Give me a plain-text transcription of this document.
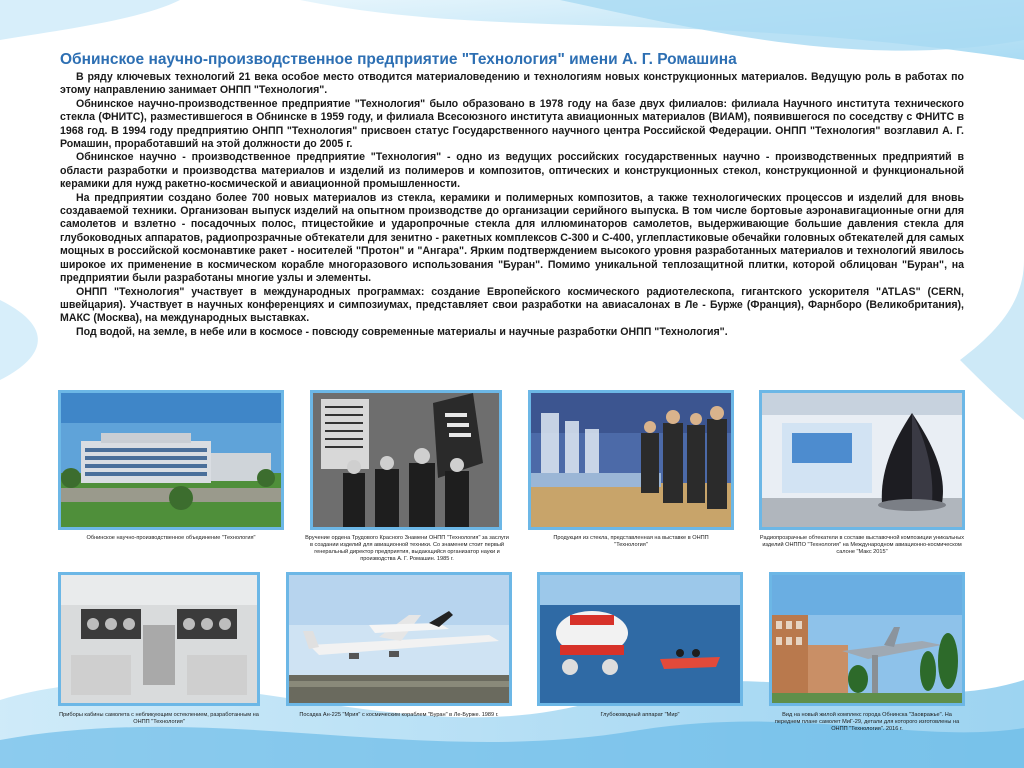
Обнинское научно-производственное предприятие "Технология" имени А. Г. Ромашина

В ряду ключевых технологий 21 века особое место отводится материаловедению и технологиям новых конструкционных материалов. Ведущую роль в работах по этому направлению занимает ОНПП "Технология".

Обнинское научно-производственное предприятие "Технология" было образовано в 1978 году на базе двух филиалов: филиала Научного института технического стекла (ФНИТС), разместившегося в Обнинске в 1959 году, и филиала Всесоюзного института авиационных материалов (ВИАМ), появившегося по соседству с ФНИТС в 1968 год. В 1994 году предприятию ОНПП "Технология" присвоен статус Государственного научного центра Российской Федерации. ОНПП "Технология" возглавил А. Г. Ромашин, проработавший на этой должности до 2005 г.

Обнинское научно - производственное предприятие "Технология" - одно из ведущих российских государственных научно - производственных предприятий в области разработки и производства материалов и изделий из полимеров и композитов, оптических и конструкционных стекол, конструкционной и функциональной керамики для нужд ракетно-космической и авиационной промышленности.

На предприятии создано более 700 новых материалов из стекла, керамики и полимерных композитов, а также технологических процессов и изделий для вновь создаваемой техники. Организован выпуск изделий на опытном производстве до организации серийного выпуска. В том числе бортовые аэронавигационные огни для самолетов и взлетно - посадочных полос, птицестойкие и ударопрочные стекла для иллюминаторов самолетов, выдерживающие большие давления стекла для глубоководных аппаратов, радиопрозрачные обтекатели для зенитно - ракетных комплексов С-300 и С-400, углепластиковые обечайки головных обтекателей для самых мощных в российской космонавтике ракет - носителей "Протон" и "Ангара". Ярким подтверждением высокого уровня разработанных материалов и технологий явилось широкое их применение в космическом корабле многоразового использования "Буран". Помимо уникальной теплозащитной плитки, которой облицован "Буран", на предприятии были разработаны многие узлы и элементы.

ОНПП "Технология" участвует в международных программах: создание Европейского космического радиотелескопа, гигантского ускорителя "ATLAS" (CERN, швейцария). Участвует в научных конференциях и симпозиумах, представляет свои разработки на авиасалонах в Ле - Бурже (Франция), Фарнборо (Великобритания), МАКС (Москва), на международных выставках.

Под водой, на земле, в небе или в космосе - повсюду современные материалы и научные разработки ОНПП "Технология".

Обнинское научно-производственное объединение "Технология"	Вручение ордена Трудового Красного Знамени ОНПП "Технология" за заслуги в создании изделий для авиационной техники. Со знаменем стоит первый генеральный директор предприятия, выдающийся организатор науки и производства А. Г. Ромашин. 1985 г.
Продукция из стекла, представленная на выставке в ОНПП "Технология"
Радиопрозрачные обтекатели в составе выставочной композиции уникальных изделий ОНППО "Технология" на Международном авиационно-космическом салоне "Макс 2015"
Приборы кабины самолета с небликующим остеклением, разработанным на ОНПП "Технология"
Посадка Ан-225 "Мрия" с космическим кораблем "Буран" в Ле-Бурже. 1989 г.	Глубоководный аппарат "Мир"	Вид на новый жилой комплекс города Обнинска "Заовражье". На переднем плане самолет МиГ-29, детали для которого изготовлены на ОНПП "Технология". 2016 г.
